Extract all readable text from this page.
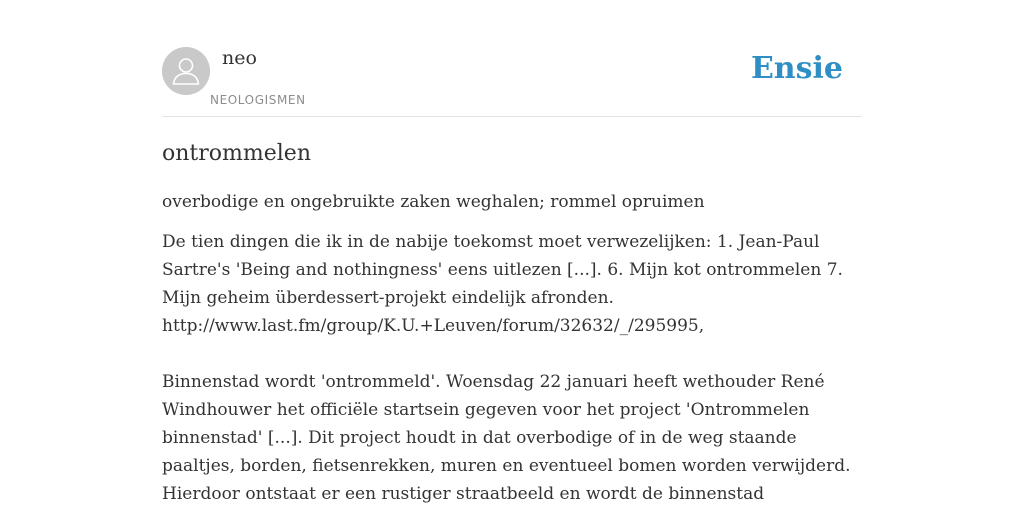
neo
NEOLOGISMEN
Ensie
ontrommelen

overbodige en ongebruikte zaken weghalen; rommel opruimen

De tien dingen die ik in de nabije toekomst moet verwezelijken: 1. Jean-Paul
Sartre's 'Being and nothingness' eens uitlezen [...]. 6. Mijn kot ontrommelen 7.
Mijn geheim überdessert-projekt eindelijk afronden.
http://www.last.fm/group/K.U.+Leuven/forum/32632/_/295995,
Binnenstad wordt 'ontrommeld'. Woensdag 22 januari heeft wethouder René
Windhouwer het officiële startsein gegeven voor het project 'Ontrommelen
binnenstad' [...]. Dit project houdt in dat overbodige of in de weg staande
paaltjes, borden, fietsenrekken, muren en eventueel bomen worden verwijderd.
Hierdoor ontstaat er een rustiger straatbeeld en wordt de binnenstad
